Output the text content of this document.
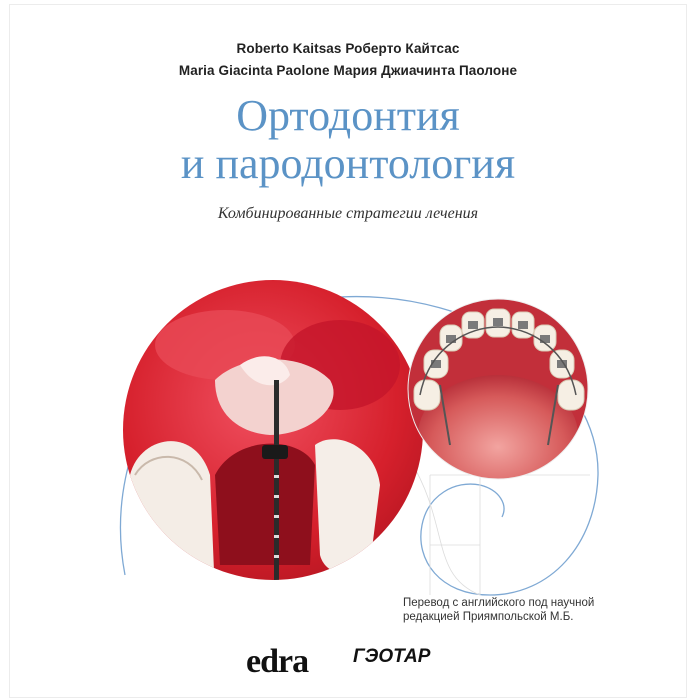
Roberto Kaitsas Роберто Кайтсас
Maria Giacinta Paolone Мария Джиачинта Паолоне
Ортодонтия
и пародонтология
Комбинированные стратегии лечения
Перевод с английского под научной
редакцией Приямпольской М.Б.
edra ГЭОТАР
